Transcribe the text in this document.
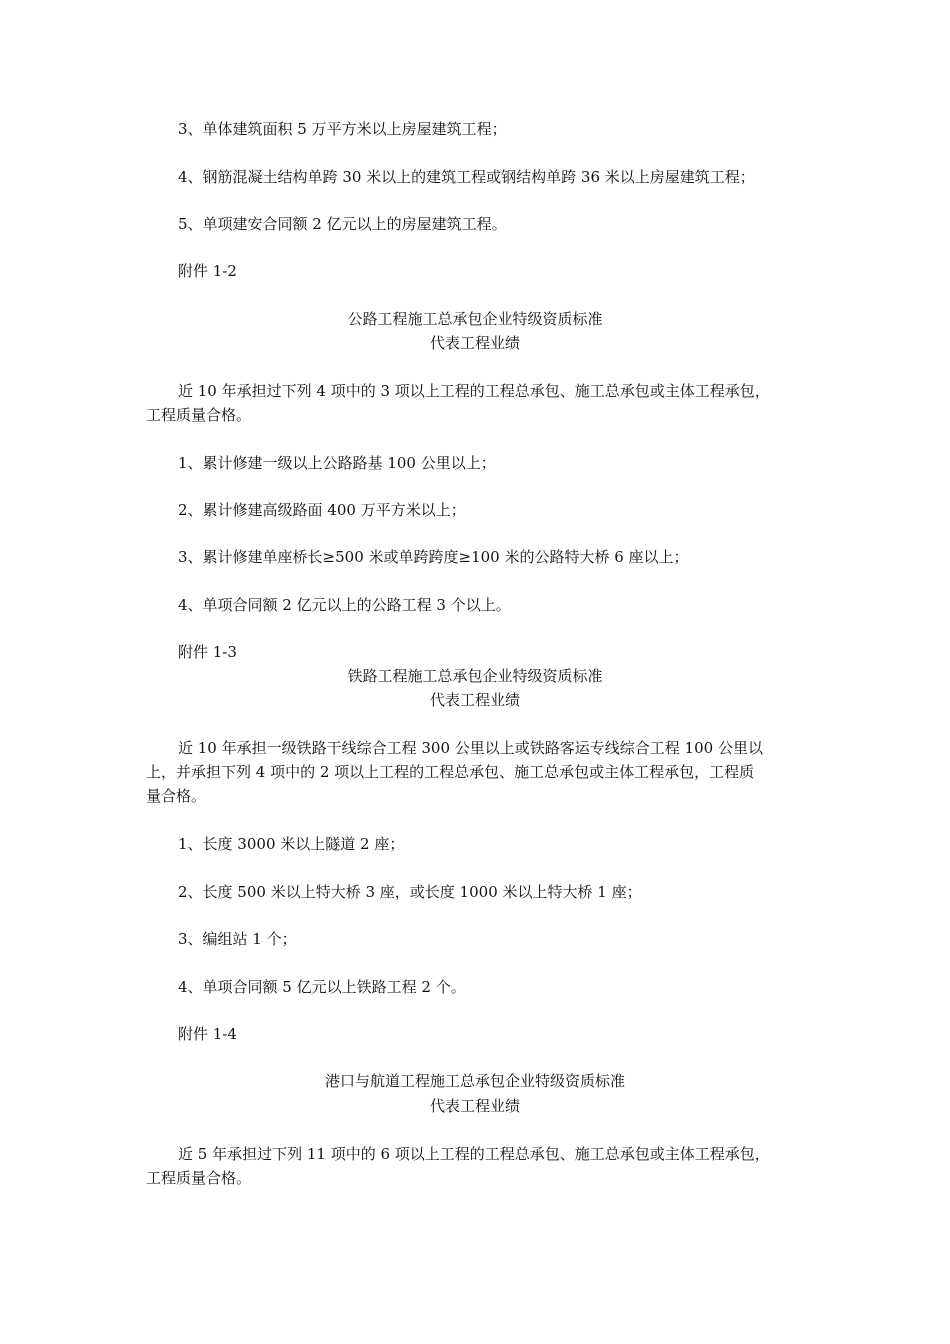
3、单体建筑面积 5 万平方米以上房屋建筑工程；
4、钢筋混凝土结构单跨 30 米以上的建筑工程或钢结构单跨 36 米以上房屋建筑工程；
5、单项建安合同额 2 亿元以上的房屋建筑工程。
附件 1-2
公路工程施工总承包企业特级资质标准
代表工程业绩
近 10 年承担过下列 4 项中的 3 项以上工程的工程总承包、施工总承包或主体工程承包，
工程质量合格。
1、累计修建一级以上公路路基 100 公里以上；
2、累计修建高级路面 400 万平方米以上；
3、累计修建单座桥长≥500 米或单跨跨度≥100 米的公路特大桥 6 座以上；
4、单项合同额 2 亿元以上的公路工程 3 个以上。
附件 1-3
铁路工程施工总承包企业特级资质标准
代表工程业绩
近 10 年承担一级铁路干线综合工程 300 公里以上或铁路客运专线综合工程 100 公里以
上，并承担下列 4 项中的 2 项以上工程的工程总承包、施工总承包或主体工程承包，工程质
量合格。
1、长度 3000 米以上隧道 2 座；
2、长度 500 米以上特大桥 3 座，或长度 1000 米以上特大桥 1 座；
3、编组站 1 个；
4、单项合同额 5 亿元以上铁路工程 2 个。
附件 1-4
港口与航道工程施工总承包企业特级资质标准
代表工程业绩
近 5 年承担过下列 11 项中的 6 项以上工程的工程总承包、施工总承包或主体工程承包，
工程质量合格。
